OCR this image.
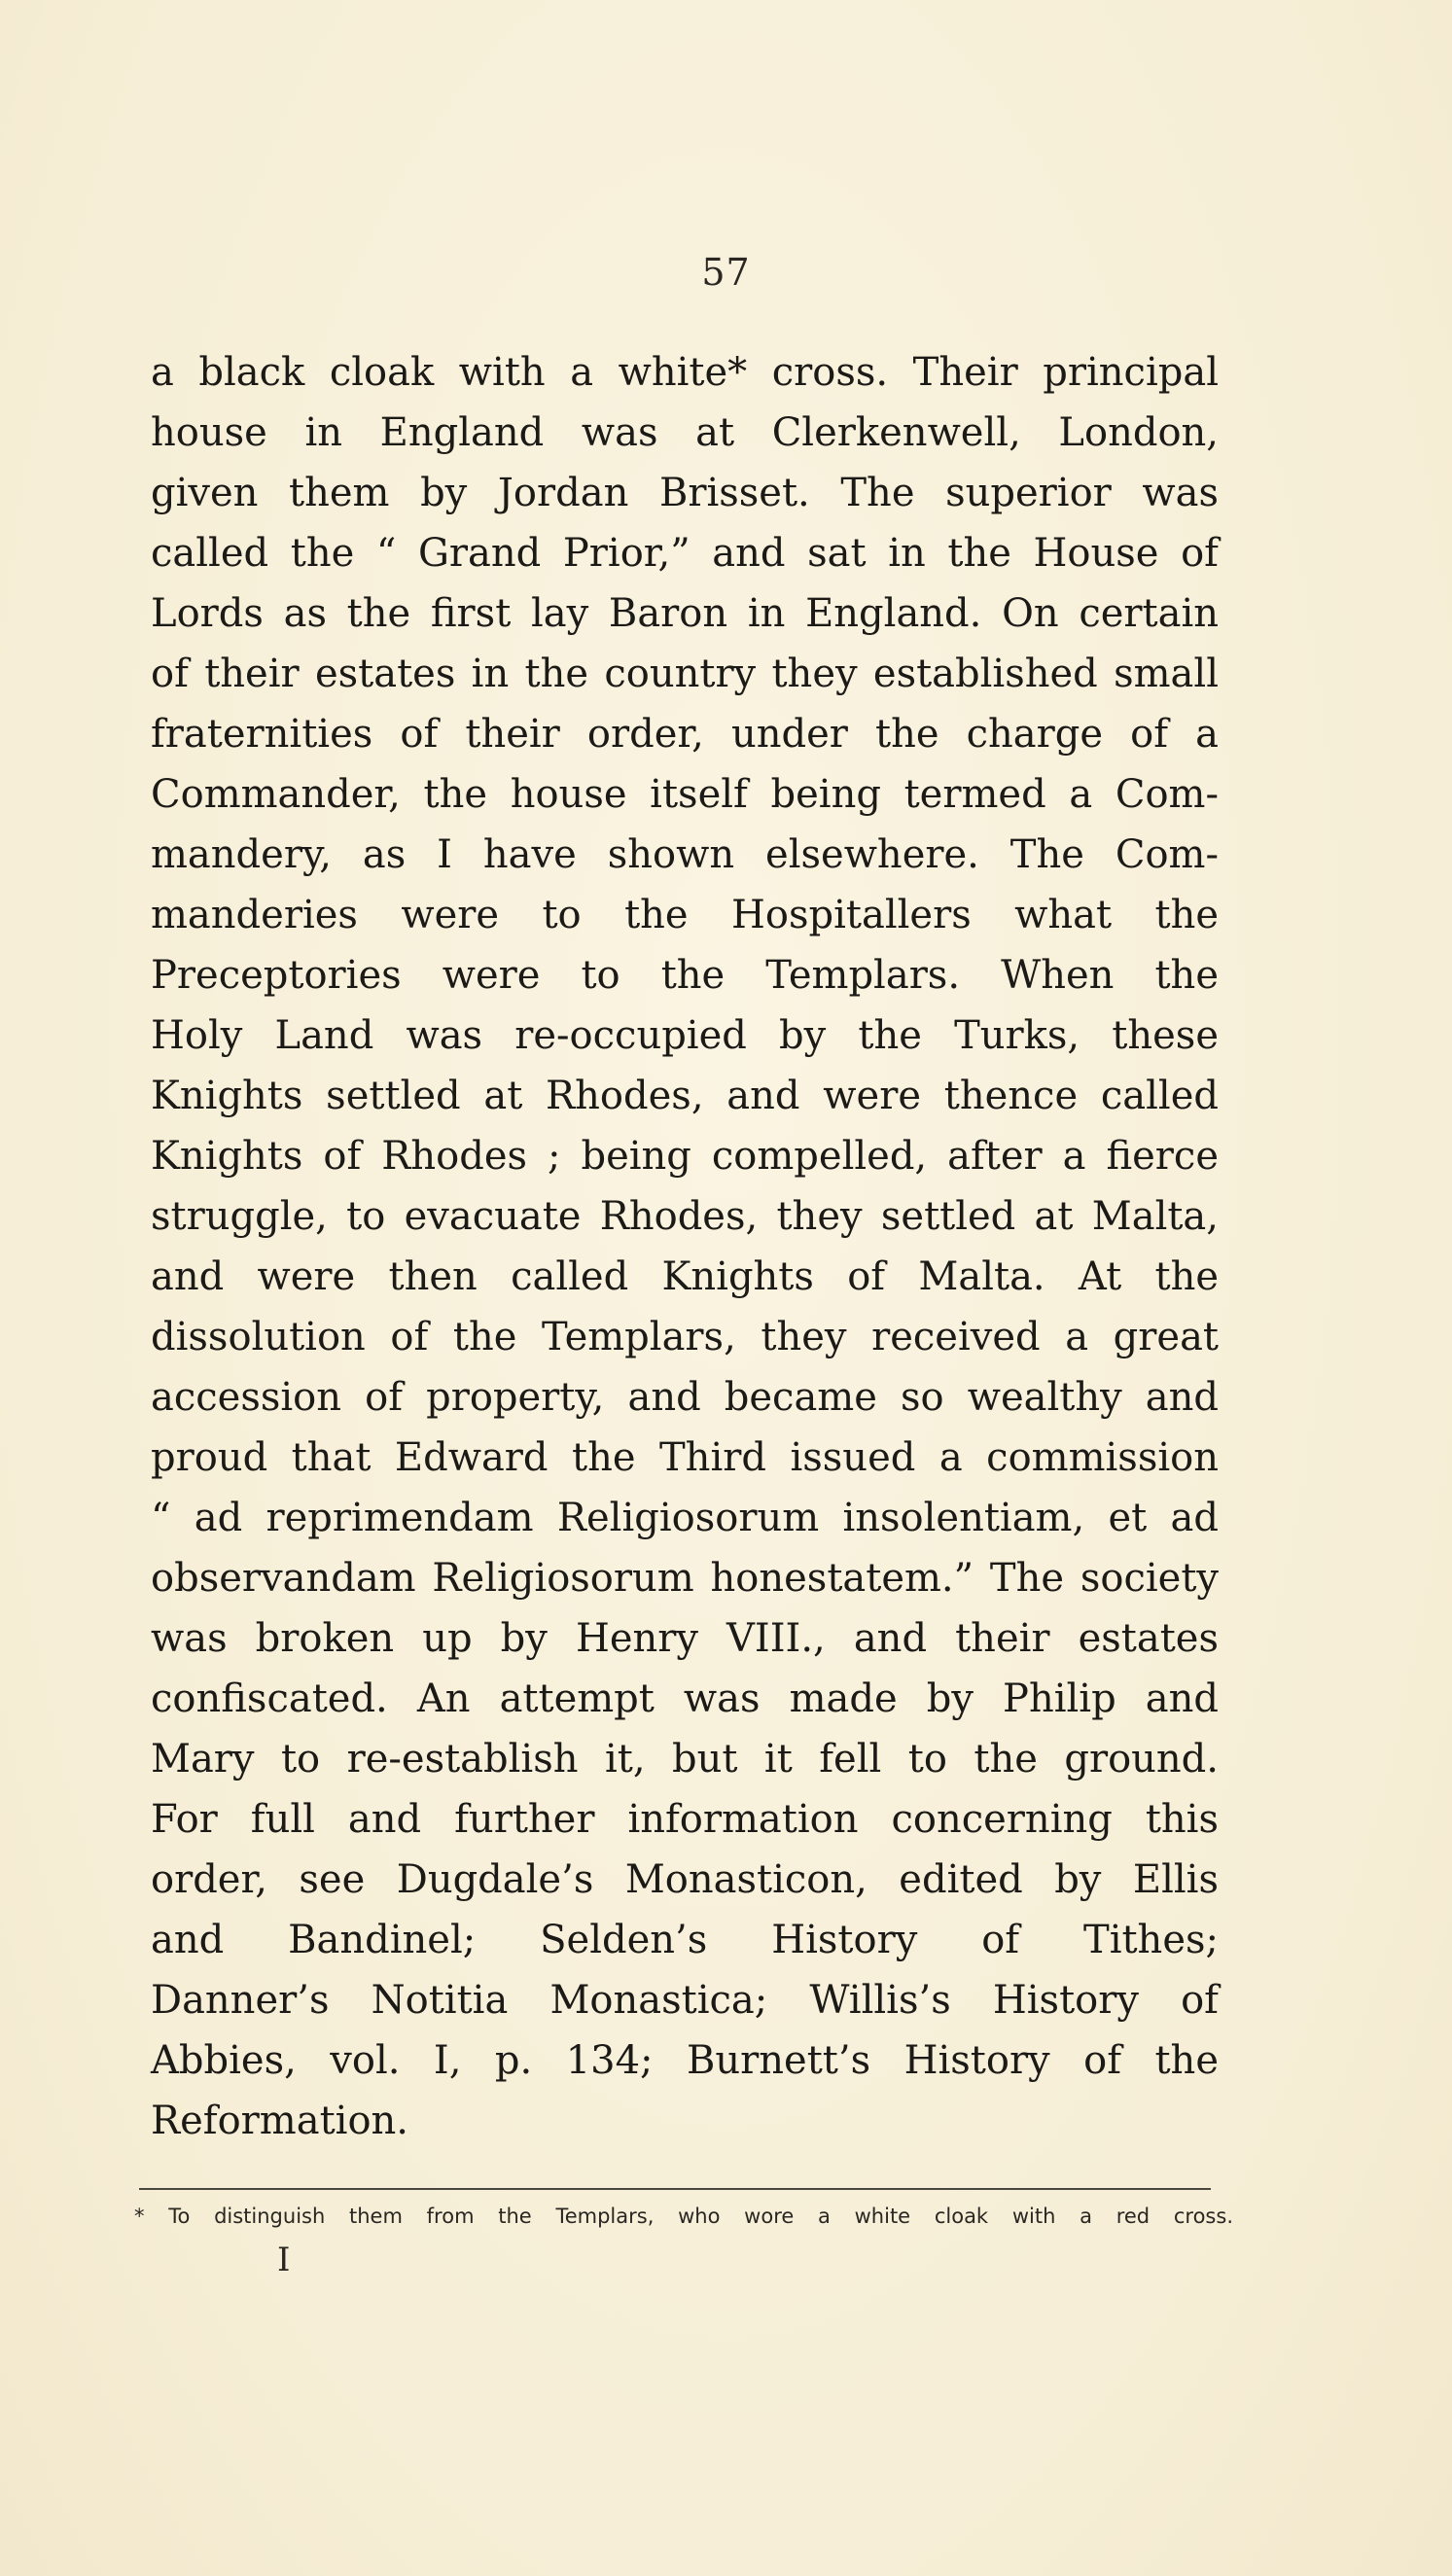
57
a black cloak with a white* cross. Their principal
house in England was at Clerkenwell, London,
given them by Jordan Brisset. The superior was
called the “ Grand Prior,” and sat in the House of
Lords as the first lay Baron in England. On certain
of their estates in the country they established small
fraternities of their order, under the charge of a
Commander, the house itself being termed a Com-
mandery, as I have shown elsewhere. The Com-
manderies were to the Hospitallers what the
Preceptories were to the Templars. When the
Holy Land was re-occupied by the Turks, these
Knights settled at Rhodes, and were thence called
Knights of Rhodes ; being compelled, after a fierce
struggle, to evacuate Rhodes, they settled at Malta,
and were then called Knights of Malta. At the
dissolution of the Templars, they received a great
accession of property, and became so wealthy and
proud that Edward the Third issued a commission
“ ad reprimendam Religiosorum insolentiam, et ad
observandam Religiosorum honestatem.” The society
was broken up by Henry VIII., and their estates
confiscated. An attempt was made by Philip and
Mary to re-establish it, but it fell to the ground.
For full and further information concerning this
order, see Dugdale’s Monasticon, edited by Ellis
and Bandinel; Selden’s History of Tithes;
Danner’s Notitia Monastica; Willis’s History of
Abbies, vol. I, p. 134; Burnett’s History of the
Reformation.
* To distinguish them from the Templars, who wore a white cloak with a red cross.
I
